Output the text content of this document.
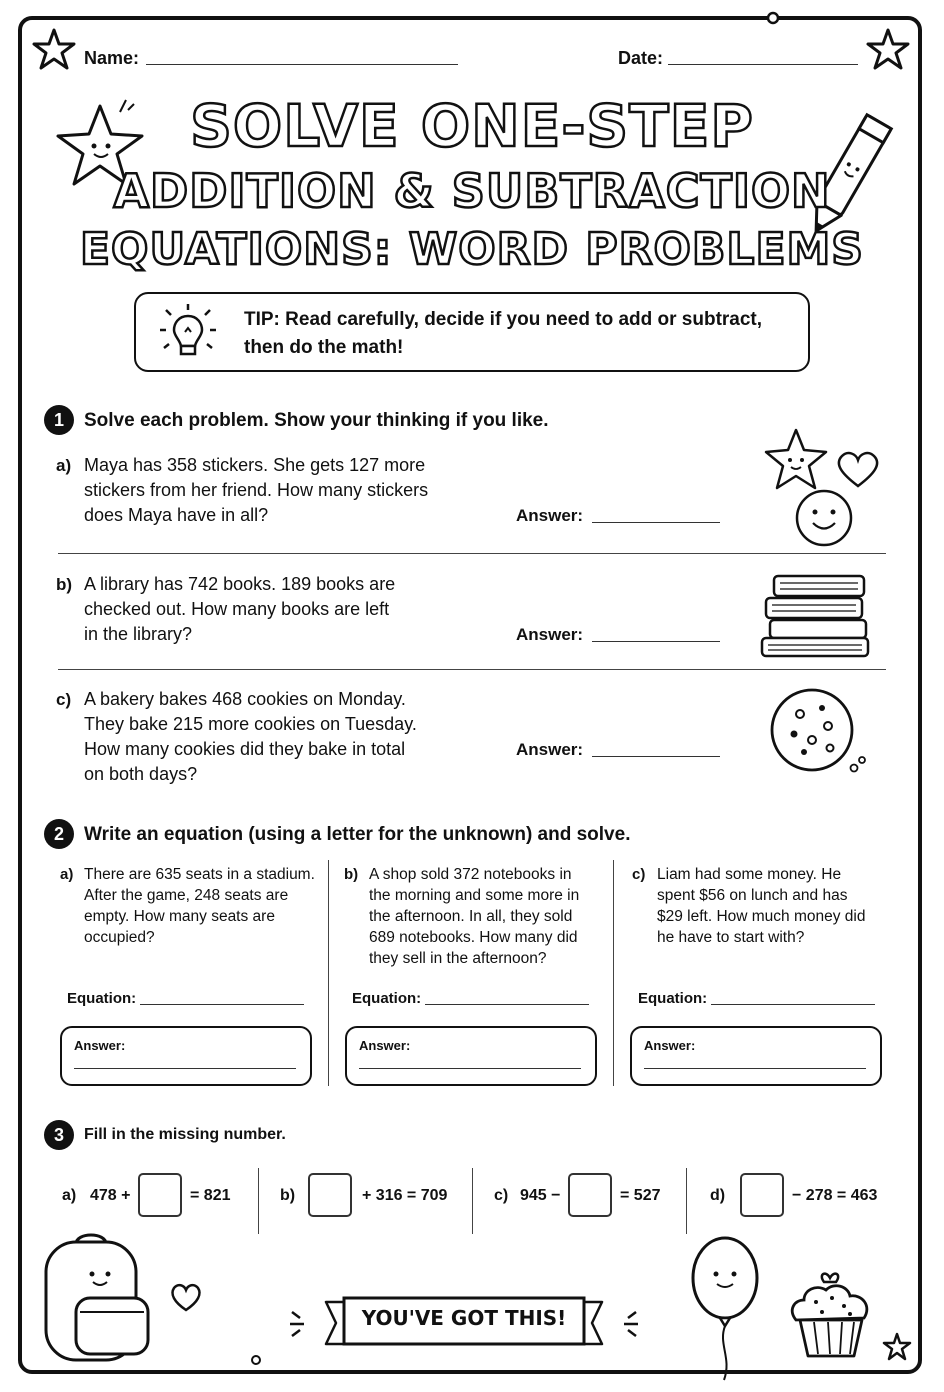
Name:	Date:
SOLVE ONE-STEP
ADDITION & SUBTRACTION
EQUATIONS: WORD PROBLEMS
TIP: Read carefully, decide if you need to add or subtract, then do the math!
1	Solve each problem. Show your thinking if you like.
a) Maya has 358 stickers. She gets 127 more
stickers from her friend. How many stickers
does Maya have in all?	Answer:
b) A library has 742 books. 189 books are
checked out. How many books are left
in the library?	Answer:
c) A bakery bakes 468 cookies on Monday.
They bake 215 more cookies on Tuesday.
How many cookies did they bake in total
on both days?
Answer:
2	Write an equation (using a letter for the unknown) and solve.
a) There are 635 seats in a stadium.
After the game, 248 seats are
empty. How many seats are
occupied?
Equation:
Answer:
b) A shop sold 372 notebooks in
the morning and some more in
the afternoon. In all, they sold
689 notebooks. How many did
they sell in the afternoon?
Equation:
Answer:
c) Liam had some money. He
spent $56 on lunch and has
$29 left. How much money did
he have to start with?
Equation:
Answer:
3	Fill in the missing number.
a) 478 +	= 821	b)	+ 316 = 709	c) 945 −	= 527	d)	− 278 = 463
YOU'VE GOT THIS!
